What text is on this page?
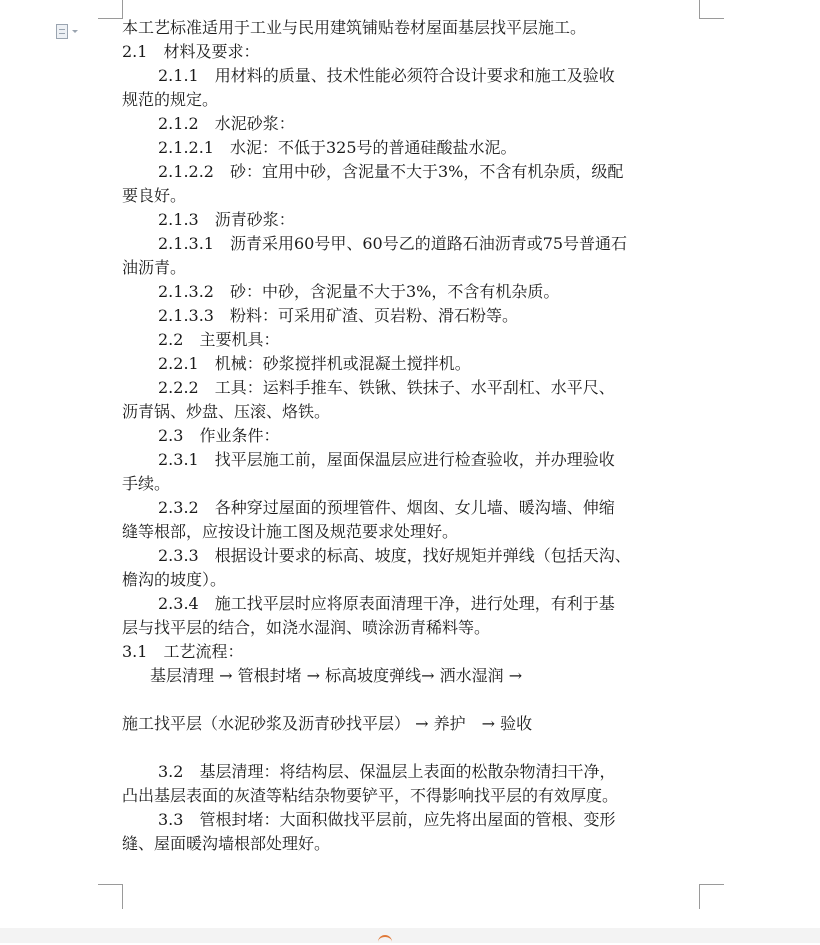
本工艺标准适用于工业与民用建筑铺贴卷材屋面基层找平层施工。
2.1　材料及要求：
2.1.1　用材料的质量、技术性能必须符合设计要求和施工及验收
规范的规定。
2.1.2　水泥砂浆：
2.1.2.1　水泥：不低于325号的普通硅酸盐水泥。
2.1.2.2　砂：宜用中砂，含泥量不大于3%，不含有机杂质，级配
要良好。
2.1.3　沥青砂浆：
2.1.3.1　沥青采用60号甲、60号乙的道路石油沥青或75号普通石
油沥青。
2.1.3.2　砂：中砂，含泥量不大于3%，不含有机杂质。
2.1.3.3　粉料：可采用矿渣、页岩粉、滑石粉等。
2.2　主要机具：
2.2.1　机械：砂浆搅拌机或混凝土搅拌机。
2.2.2　工具：运料手推车、铁锹、铁抹子、水平刮杠、水平尺、
沥青锅、炒盘、压滚、烙铁。
2.3　作业条件：
2.3.1　找平层施工前，屋面保温层应进行检查验收，并办理验收
手续。
2.3.2　各种穿过屋面的预埋管件、烟囱、女儿墙、暖沟墙、伸缩
缝等根部，应按设计施工图及规范要求处理好。
2.3.3　根据设计要求的标高、坡度，找好规矩并弹线（包括天沟、
檐沟的坡度）。
2.3.4　施工找平层时应将原表面清理干净，进行处理，有利于基
层与找平层的结合，如浇水湿润、喷涂沥青稀料等。
3.1　工艺流程：
基层清理 → 管根封堵 → 标高坡度弹线→ 洒水湿润 →
施工找平层（水泥砂浆及沥青砂找平层） → 养护　→ 验收
3.2　基层清理：将结构层、保温层上表面的松散杂物清扫干净，
凸出基层表面的灰渣等粘结杂物要铲平，不得影响找平层的有效厚度。
3.3　管根封堵：大面积做找平层前，应先将出屋面的管根、变形
缝、屋面暖沟墙根部处理好。
